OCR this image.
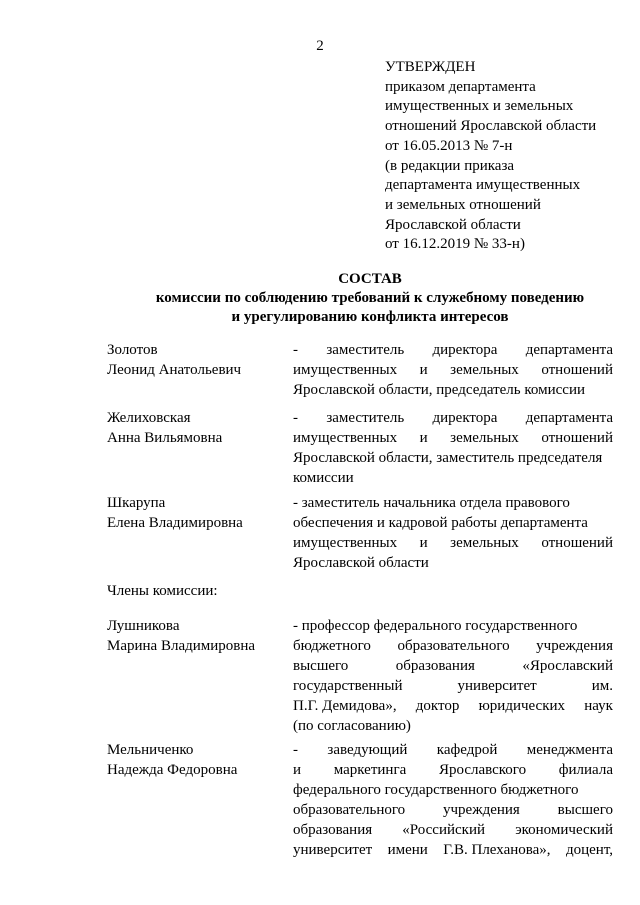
2
УТВЕРЖДЕН
приказом департамента
имущественных и земельных
отношений Ярославской области
от 16.05.2013 № 7-н
(в редакции приказа
департамента имущественных
и земельных отношений
Ярославской области
от 16.12.2019 № 33-н)
СОСТАВ
комиссии по соблюдению требований к служебному поведению
и урегулированию конфликта интересов
Золотов
Леонид Анатольевич
- заместитель директора департамента
имущественных и земельных отношений
Ярославской области, председатель комиссии
Желиховская
Анна Вильямовна
- заместитель директора департамента
имущественных и земельных отношений
Ярославской области, заместитель председателя
комиссии
Шкарупа
Елена Владимировна
- заместитель начальника отдела правового
обеспечения и кадровой работы департамента
имущественных и земельных отношений
Ярославской области
Члены комиссии:
Лушникова
Марина Владимировна
- профессор федерального государственного
бюджетного образовательного учреждения
высшего	образования	«Ярославский
государственный	университет	им.
П.Г. Демидова», доктор юридических наук
(по согласованию)
Мельниченко
Надежда Федоровна
- заведующий кафедрой менеджмента
и маркетинга Ярославского филиала
федерального государственного бюджетного
образовательного	учреждения	высшего
образования «Российский экономический
университет имени Г.В. Плеханова», доцент,
